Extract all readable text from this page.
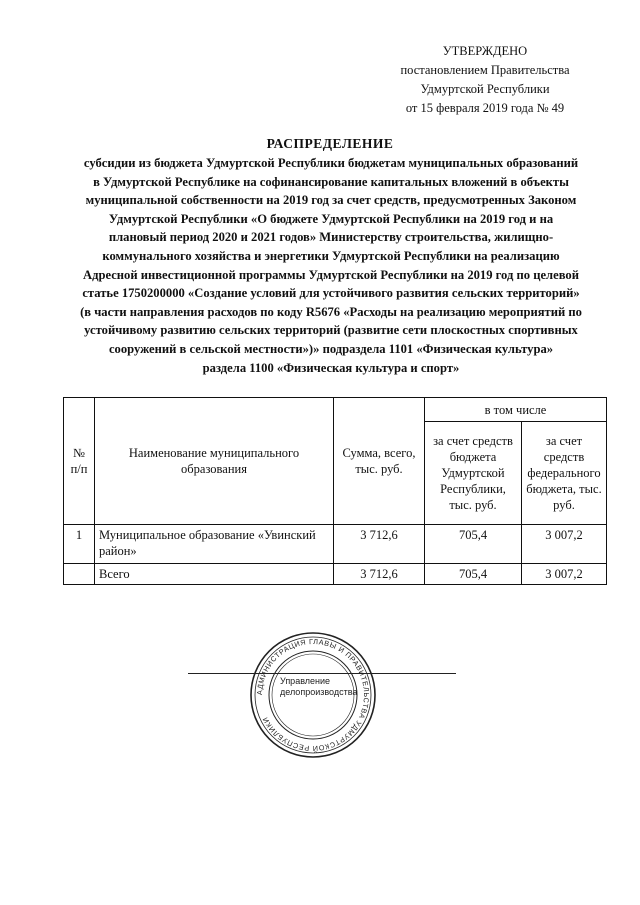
УТВЕРЖДЕНО
постановлением Правительства
Удмуртской Республики
от 15 февраля 2019 года № 49
РАСПРЕДЕЛЕНИЕ
субсидии из бюджета Удмуртской Республики бюджетам муниципальных образований
в Удмуртской Республике на софинансирование капитальных вложений в объекты
муниципальной собственности на 2019 год за счет средств, предусмотренных Законом
Удмуртской Республики «О бюджете Удмуртской Республики на 2019 год и на
плановый период 2020 и 2021 годов» Министерству строительства, жилищно-
коммунального хозяйства и энергетики Удмуртской Республики на реализацию
Адресной инвестиционной программы Удмуртской Республики на 2019 год по целевой
статье 1750200000 «Создание условий для устойчивого развития сельских территорий»
(в части направления расходов по коду R5676 «Расходы на реализацию мероприятий по
устойчивому развитию сельских территорий (развитие сети плоскостных спортивных
сооружений в сельской местности»)» подраздела 1101 «Физическая культура»
раздела 1100 «Физическая культура и спорт»
№ п/п	Наименование муниципального образования	Сумма, всего, тыс. руб.	в том числе	
			за счет средств бюджета Удмуртской Республики, тыс. руб.	за счет средств федерального бюджета, тыс. руб.
1	Муниципальное образование «Увинский район»	3 712,6	705,4	3 007,2
	Всего	3 712,6	705,4	3 007,2
АДМИНИСТРАЦИЯ ГЛАВЫ И ПРАВИТЕЛЬСТВА УДМУРТСКОЙ РЕСПУБЛИКИ
Управление
делопроизводства
